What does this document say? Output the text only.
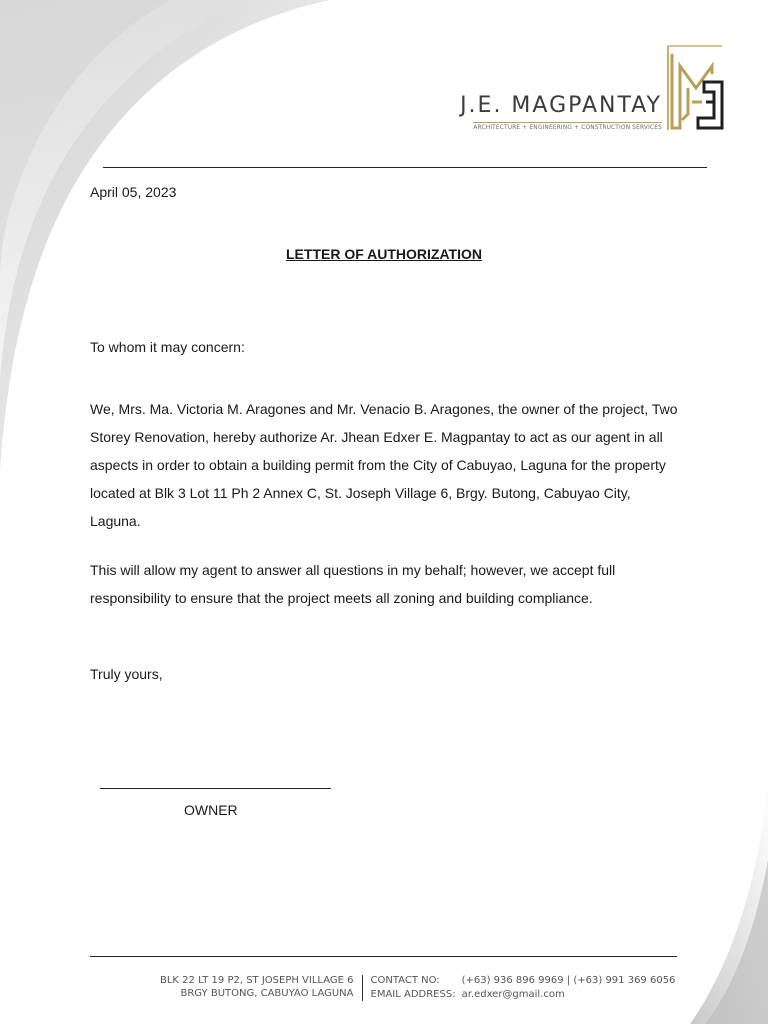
J.E. MAGPANTAY
ARCHITECTURE + ENGINEERING + CONSTRUCTION SERVICES
April 05, 2023
LETTER OF AUTHORIZATION
To whom it may concern:

We, Mrs. Ma. Victoria M. Aragones and Mr. Venacio B. Aragones, the owner of the project, Two Storey Renovation, hereby authorize Ar. Jhean Edxer E. Magpantay to act as our agent in all aspects in order to obtain a building permit from the City of Cabuyao, Laguna for the property located at Blk 3 Lot 11 Ph 2 Annex C, St. Joseph Village 6, Brgy. Butong, Cabuyao City, Laguna.

This will allow my agent to answer all questions in my behalf; however, we accept full responsibility to ensure that the project meets all zoning and building compliance.

Truly yours,
OWNER
BLK 22 LT 19 P2, ST JOSEPH VILLAGE 6
BRGY BUTONG, CABUYAO LAGUNA
CONTACT NO:	(+63) 936 896 9969 | (+63) 991 369 6056
EMAIL ADDRESS: ar.edxer@gmail.com
